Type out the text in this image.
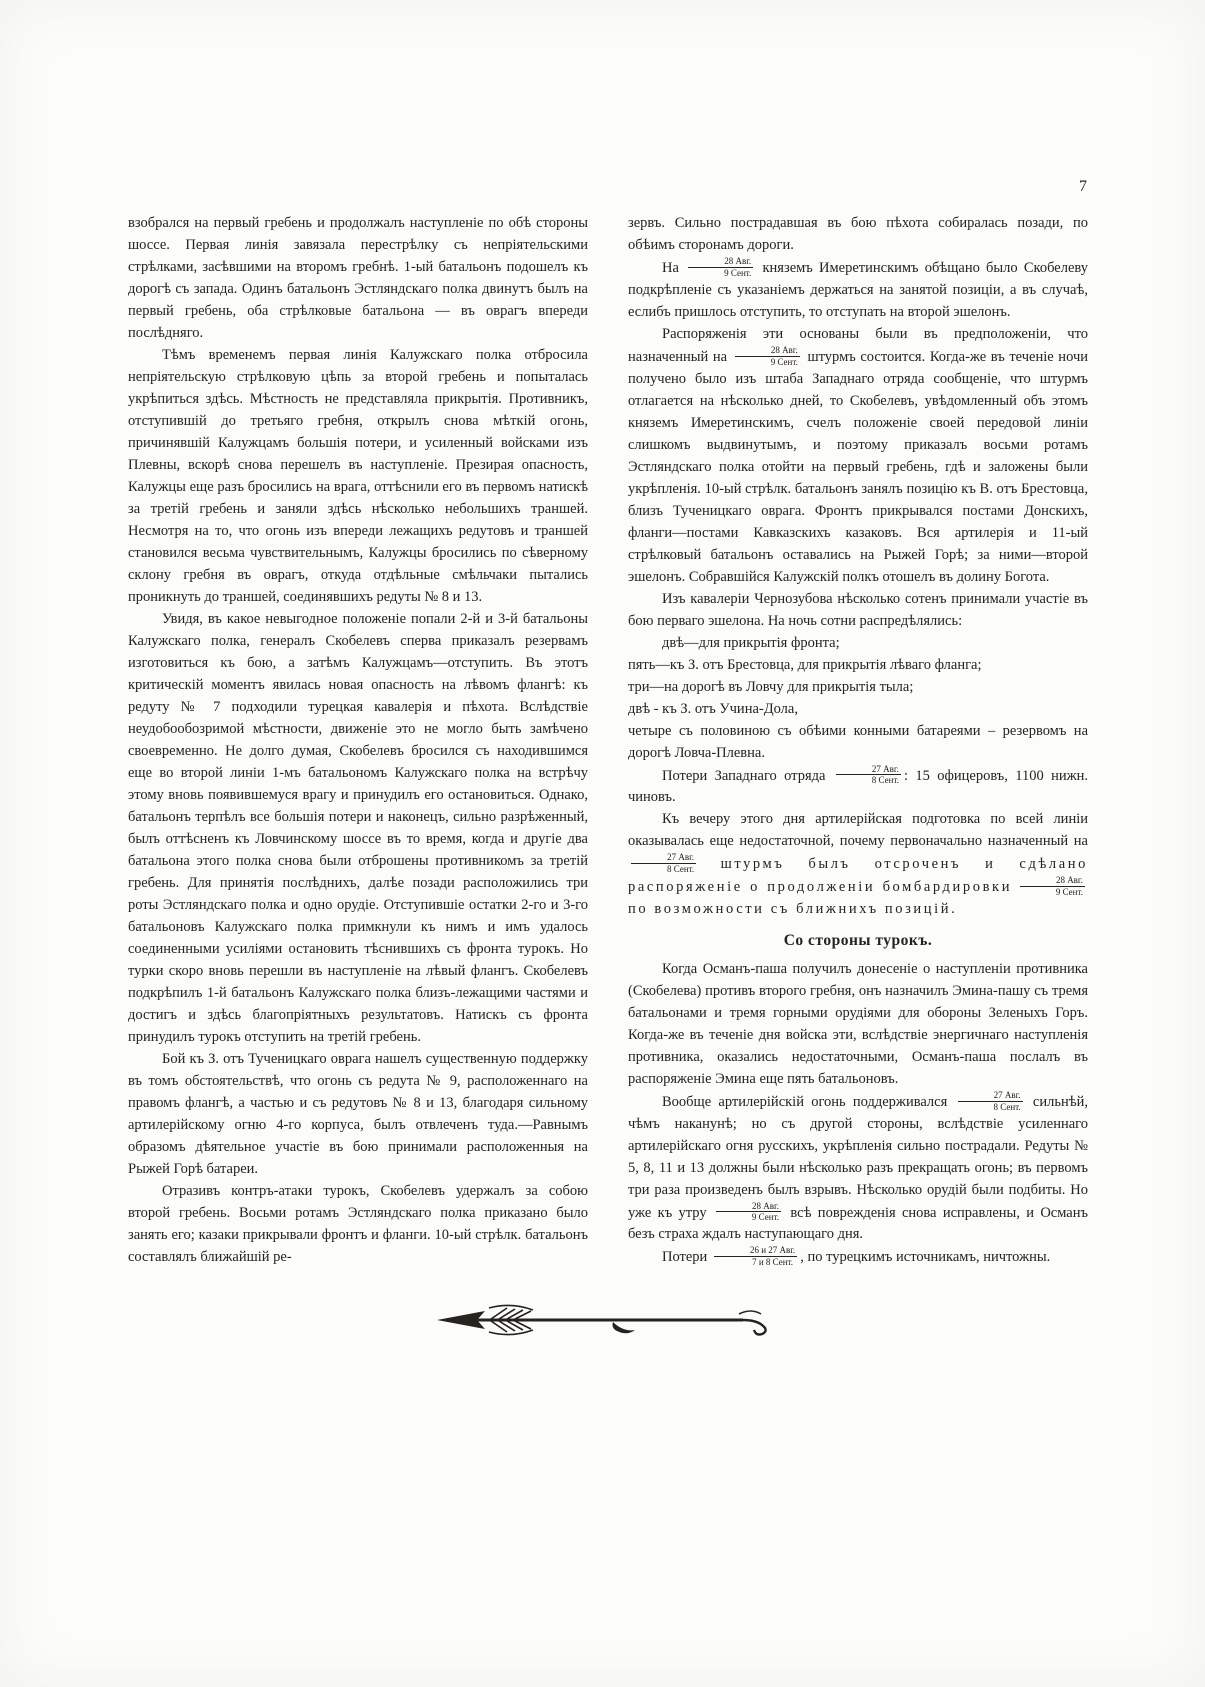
7

взобрался на первый гребень и продолжалъ наступленіе по обѣ стороны шоссе. Первая линія завязала перестрѣлку съ непріятельскими стрѣлками, засѣвшими на второмъ гребнѣ. 1-ый батальонъ подошелъ къ дорогѣ съ запада. Одинъ батальонъ Эстляндскаго полка двинутъ былъ на первый гребень, оба стрѣлковые батальона — въ оврагъ впереди послѣдняго.

Тѣмъ временемъ первая линія Калужскаго полка отбросила непріятельскую стрѣлковую цѣпь за второй гребень и попыталась укрѣпиться здѣсь. Мѣстность не представляла прикрытія. Противникъ, отступившій до третьяго гребня, открылъ снова мѣткій огонь, причинявшій Калужцамъ большія потери, и усиленный войсками изъ Плевны, вскорѣ снова перешелъ въ наступленіе. Презирая опасность, Калужцы еще разъ бросились на врага, оттѣснили его въ первомъ натискѣ за третій гребень и заняли здѣсь нѣсколько небольшихъ траншей. Несмотря на то, что огонь изъ впереди лежащихъ редутовъ и траншей становился весьма чувствительнымъ, Калужцы бросились по сѣверному склону гребня въ оврагъ, откуда отдѣльные смѣльчаки пытались проникнуть до траншей, соединявшихъ редуты № 8 и 13.

Увидя, въ какое невыгодное положеніе попали 2-й и 3-й батальоны Калужскаго полка, генералъ Скобелевъ сперва приказалъ резервамъ изготовиться къ бою, а затѣмъ Калужцамъ—отступить. Въ этотъ критическій моментъ явилась новая опасность на лѣвомъ флангѣ: къ редуту № 7 подходили турецкая кавалерія и пѣхота. Вслѣдствіе неудобообозримой мѣстности, движеніе это не могло быть замѣчено своевременно. Не долго думая, Скобелевъ бросился съ находившимся еще во второй линіи 1-мъ батальономъ Калужскаго полка на встрѣчу этому вновь появившемуся врагу и принудилъ его остановиться. Однако, батальонъ терпѣлъ все большія потери и наконецъ, сильно разрѣженный, былъ оттѣсненъ къ Ловчинскому шоссе въ то время, когда и другіе два батальона этого полка снова были отброшены противникомъ за третій гребень. Для принятія послѣднихъ, далѣе позади расположились три роты Эстляндскаго полка и одно орудіе. Отступившіе остатки 2-го и 3-го батальоновъ Калужскаго полка примкнули къ нимъ и имъ удалось соединенными усиліями остановить тѣснившихъ съ фронта турокъ. Но турки скоро вновь перешли въ наступленіе на лѣвый флангъ. Скобелевъ подкрѣпилъ 1-й батальонъ Калужскаго полка близъ-лежащими частями и достигъ и здѣсь благопріятныхъ результатовъ. Натискъ съ фронта принудилъ турокъ отступить на третій гребень.

Бой къ З. отъ Тученицкаго оврага нашелъ существенную поддержку въ томъ обстоятельствѣ, что огонь съ редута № 9, расположеннаго на правомъ флангѣ, а частью и съ редутовъ № 8 и 13, благодаря сильному артилерійскому огню 4-го корпуса, былъ отвлеченъ туда.—Равнымъ образомъ дѣятельное участіе въ бою принимали расположенныя на Рыжей Горѣ батареи.

Отразивъ контръ-атаки турокъ, Скобелевъ удержалъ за собою второй гребень. Восьми ротамъ Эстляндскаго полка приказано было занять его; казаки прикрывали фронтъ и фланги. 10-ый стрѣлк. батальонъ составлялъ ближайшій ре-

зервъ. Сильно пострадавшая въ бою пѣхота собиралась позади, по обѣимъ сторонамъ дороги.

На $\frac{\text{28 Авг.}}{\text{9 Сент.}}$ княземъ Имеретинскимъ обѣщано было Скобелеву подкрѣпленіе съ указаніемъ держаться на занятой позиціи, а въ случаѣ, еслибъ пришлось отступить, то отступать на второй эшелонъ.

Распоряженія эти основаны были въ предположеніи, что назначенный на $\frac{\text{28 Авг.}}{\text{9 Сент.}}$ штурмъ состоится. Когда-же въ теченіе ночи получено было изъ штаба Западнаго отряда сообщеніе, что штурмъ отлагается на нѣсколько дней, то Скобелевъ, увѣдомленный объ этомъ княземъ Имеретинскимъ, счелъ положеніе своей передовой линіи слишкомъ выдвинутымъ, и поэтому приказалъ восьми ротамъ Эстляндскаго полка отойти на первый гребень, гдѣ и заложены были укрѣпленія. 10-ый стрѣлк. батальонъ занялъ позицію къ В. отъ Брестовца, близъ Тученицкаго оврага. Фронтъ прикрывался постами Донскихъ, фланги—постами Кавказскихъ казаковъ. Вся артилерія и 11-ый стрѣлковый батальонъ оставались на Рыжей Горѣ; за ними—второй эшелонъ. Собравшійся Калужскій полкъ отошелъ въ долину Богота.

Изъ кавалеріи Чернозубова нѣсколько сотенъ принимали участіе въ бою перваго эшелона. На ночь сотни распредѣлялись:

двѣ—для прикрытія фронта;

пять—къ З. отъ Брестовца, для прикрытія лѣваго фланга;

три—на дорогѣ въ Ловчу для прикрытія тыла;

двѣ - къ З. отъ Учина-Дола,

четыре съ половиною съ обѣими конными батареями – резервомъ на дорогѣ Ловча-Плевна.

Потери Западнаго отряда $\frac{\text{27 Авг.}}{\text{8 Сент.}}$ : 15 офицеровъ, 1100 нижн. чиновъ.

Къ вечеру этого дня артилерійская подготовка по всей линіи оказывалась еще недостаточной, почему первоначально назначенный на
$\frac{\text{27 Авг.}}{\text{8 Сент.}}$ штурмъ былъ отсроченъ и сдѣлано распоряженіе о продолженіи бомбардировки $\frac{\text{28 Авг.}}{\text{9 Сент.}}$
по возможности съ ближнихъ позицій.

Со стороны турокъ.

Когда Османъ-паша получилъ донесеніе о наступленіи противника (Скобелева) противъ второго гребня, онъ назначилъ Эмина-пашу съ тремя батальонами и тремя горными орудіями для обороны Зеленыхъ Горъ. Когда-же въ теченіе дня войска эти, вслѣдствіе энергичнаго наступленія противника, оказались недостаточными, Османъ-паша послалъ въ распоряженіе Эмина еще пять батальоновъ.

Вообще артилерійскій огонь поддерживался $\frac{\text{27 Авг.}}{\text{8 Сент.}}$ сильнѣй, чѣмъ наканунѣ; но съ другой стороны, вслѣдствіе усиленнаго артилерійскаго огня русскихъ, укрѣпленія сильно пострадали. Редуты № 5, 8, 11 и 13 должны были нѣсколько разъ прекращать огонь; въ первомъ три раза произведенъ былъ взрывъ. Нѣсколько орудій были подбиты. Но уже къ утру $\frac{\text{28 Авг.}}{\text{9 Сент.}}$ всѣ поврежденія снова исправлены, и Османъ безъ страха ждалъ наступающаго дня.

Потери $\frac{\text{26 и 27 Авг.}}{\text{7 и 8 Сент.}}$ , по турецкимъ источникамъ, ничтожны.
